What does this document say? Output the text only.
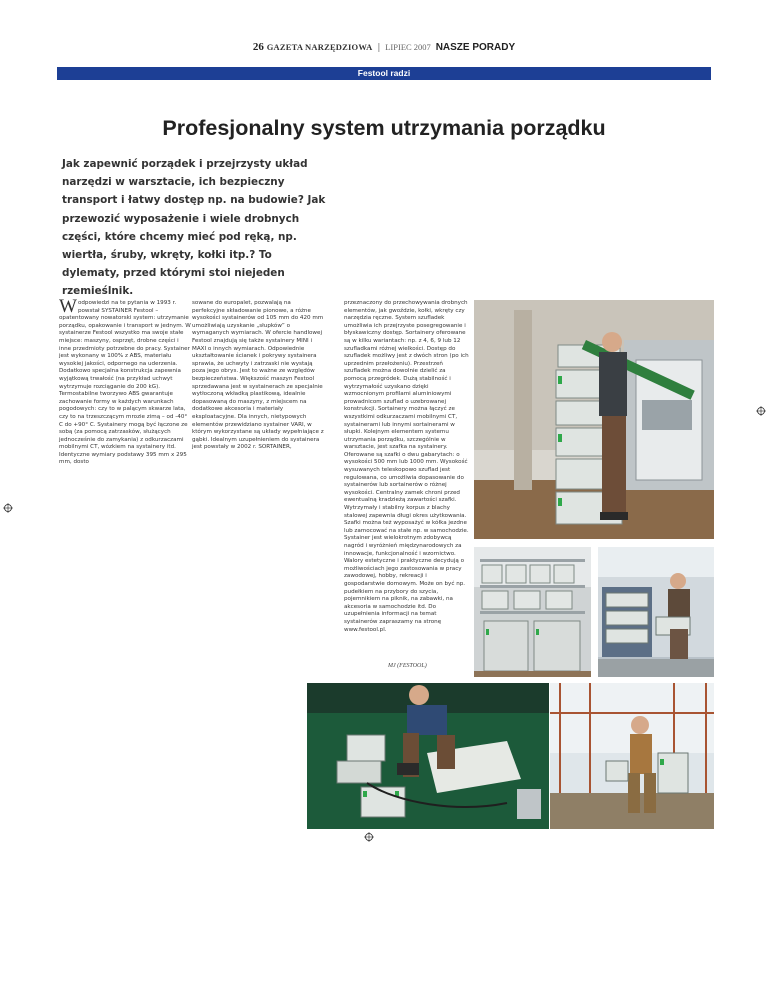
26 GAZETA NARZĘDZIOWA | LIPIEC 2007 NASZE PORADY
Festool radzi
Profesjonalny system utrzymania porządku

Jak zapewnić porządek i przejrzysty układ narzędzi w warsztacie, ich bezpieczny transport i łatwy dostęp np. na budowie? Jak przewozić wyposażenie i wiele drobnych części, które chcemy mieć pod ręką, np. wiertła, śruby, wkręty, kołki itp.? To dylematy, przed którymi stoi niejeden rzemieślnik.

Wodpowiedzi na te pytania w 1993 r. powstał SYSTAINER Festool – opatentowany nowatorski system: utrzymanie porządku, opakowanie i transport w jednym. W systainerze Festool wszystko ma swoje stałe miejsce: maszyny, osprzęt, drobne części i inne przedmioty potrzebne do pracy. Systainer jest wykonany w 100% z ABS, materiału wysokiej jakości, odpornego na uderzenia. Dodatkowo specjalna konstrukcja zapewnia wyjątkową trwałość (na przykład uchwyt wytrzymuje rozciąganie do 200 kG). Termostabilne tworzywo ABS gwarantuje zachowanie formy w każdych warunkach pogodowych: czy to w palącym skwarze lata, czy to na trzeszczącym mrozie zimą – od -40° C do +90° C. Systainery mogą być łączone ze sobą (za pomocą zatrzasków, służących jednocześnie do zamykania) z odkurzaczami mobilnymi CT, wózkiem na systainery itd. Identyczne wymiary podstawy 395 mm x 295 mm, dosto
sowane do europalet, pozwalają na perfekcyjne składowanie pionowe, a różne wysokości systainerów od 105 mm do 420 mm umożliwiają uzyskanie „słupków” o wymaganych wymiarach. W ofercie handlowej Festool znajdują się także systainery MINI i MAXI o innych wymiarach. Odpowiednie ukształtowanie ścianek i pokrywy systainera sprawia, że uchwyty i zatrzaski nie wystają poza jego obrys. Jest to ważne ze względów bezpieczeństwa. Większość maszyn Festool sprzedawana jest w systainerach ze specjalnie wytłoczoną wkładką plastikową, idealnie dopasowaną do maszyny, z miejscem na dodatkowe akcesoria i materiały eksploatacyjne. Dla innych, nietypowych elementów przewidziano systainer VARI, w którym wykorzystane są układy wypełniające z gąbki. Idealnym uzupełnieniem do systainera jest powstały w 2002 r. SORTAINER,
przeznaczony do przechowywania drobnych elementów, jak gwoździe, kołki, wkręty czy narzędzia ręczne. System szufladek umożliwia ich przejrzyste posegregowanie i błyskawiczny dostęp. Sortainery oferowane są w kilku wariantach: np. z 4, 6, 9 lub 12 szufladkami różnej wielkości. Dostęp do szufladek możliwy jest z dwóch stron (po ich uprzednim przełożeniu). Przestrzeń szufladek można dowolnie dzielić za pomocą przegródek. Dużą stabilność i wytrzymałość uzyskano dzięki wzmocnionym profilami aluminiowymi prowadnicom szuflad o uzebrowanej konstrukcji. Sortainery można łączyć ze wszystkimi odkurzaczami mobilnymi CT, systainerami lub innymi sortainerami w słupki. Kolejnym elementem systemu utrzymania porządku, szczególnie w warsztacie, jest szafka na systainery. Oferowane są szafki o dwu gabarytach: o wysokości 500 mm lub 1000 mm. Wysokość wysuwanych teleskopowo szuflad jest regulowana, co umożliwia dopasowanie do systainerów lub sortainerów o różnej wysokości. Centralny zamek chroni przed ewentualną kradzieżą zawartości szafki. Wytrzymały i stabilny korpus z blachy stalowej zapewnia długi okres użytkowania. Szafki można też wyposażyć w kółka jezdne lub zamocować na stałe np. w samochodzie. Systainer jest wielokrotnym zdobywcą nagród i wyróżnień międzynarodowych za innowacje, funkcjonalność i wzornictwo. Walory estetyczne i praktyczne decydują o możliwościach jego zastosowania w pracy zawodowej, hobby, rekreacji i gospodarstwie domowym. Może on być np. pudełkiem na przybory do szycia, pojemnikiem na piknik, na zabawki, na akcesoria w samochodzie itd. Do uzupełnienia informacji na temat systainerów zapraszamy na stronę www.festool.pl.
MJ (FESTOOL)
